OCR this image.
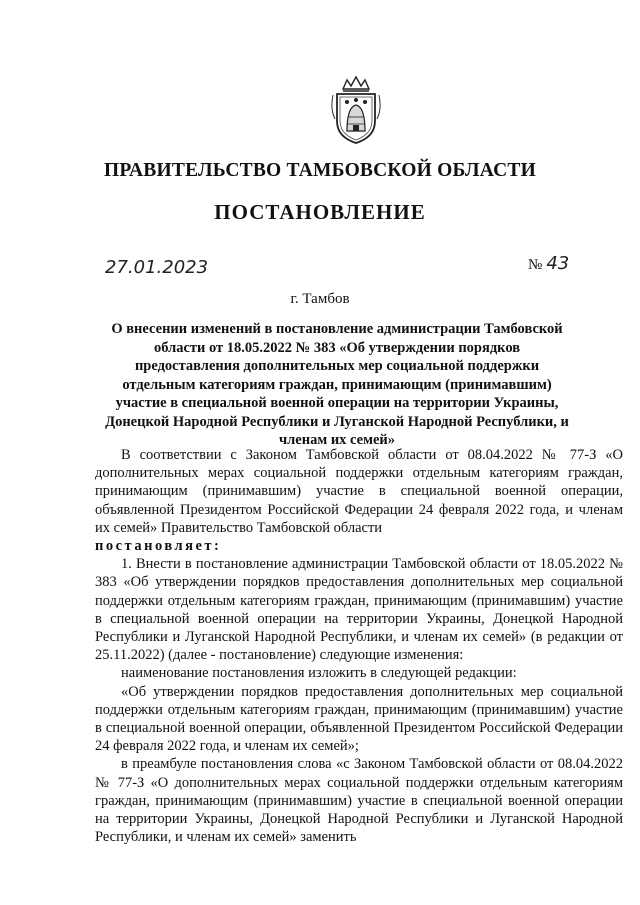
ПРАВИТЕЛЬСТВО ТАМБОВСКОЙ ОБЛАСТИ
ПОСТАНОВЛЕНИЕ
27.01.2023	№ 43
г. Тамбов
О внесении изменений в постановление администрации Тамбовской области от 18.05.2022 № 383 «Об утверждении порядков предоставления дополнительных мер социальной поддержки отдельным категориям граждан, принимающим (принимавшим) участие в специальной военной операции на территории Украины, Донецкой Народной Республики и Луганской Народной Республики, и членам их семей»

В соответствии с Законом Тамбовской области от 08.04.2022 № 77-З «О дополнительных мерах социальной поддержки отдельным категориям граждан, принимающим (принимавшим) участие в специальной военной операции, объявленной Президентом Российской Федерации 24 февраля 2022 года, и членам их семей» Правительство Тамбовской области

постановляет:

1. Внести в постановление администрации Тамбовской области от 18.05.2022 № 383 «Об утверждении порядков предоставления дополнительных мер социальной поддержки отдельным категориям граждан, принимающим (принимавшим) участие в специальной военной операции на территории Украины, Донецкой Народной Республики и Луганской Народной Республики, и членам их семей» (в редакции от 25.11.2022) (далее - постановление) следующие изменения:

наименование постановления изложить в следующей редакции:

«Об утверждении порядков предоставления дополнительных мер социальной поддержки отдельным категориям граждан, принимающим (принимавшим) участие в специальной военной операции, объявленной Президентом Российской Федерации 24 февраля 2022 года, и членам их семей»;

в преамбуле постановления слова «с Законом Тамбовской области от 08.04.2022 № 77-З «О дополнительных мерах социальной поддержки отдельным категориям граждан, принимающим (принимавшим) участие в специальной военной операции на территории Украины, Донецкой Народной Республики и Луганской Народной Республики, и членам их семей» заменить
